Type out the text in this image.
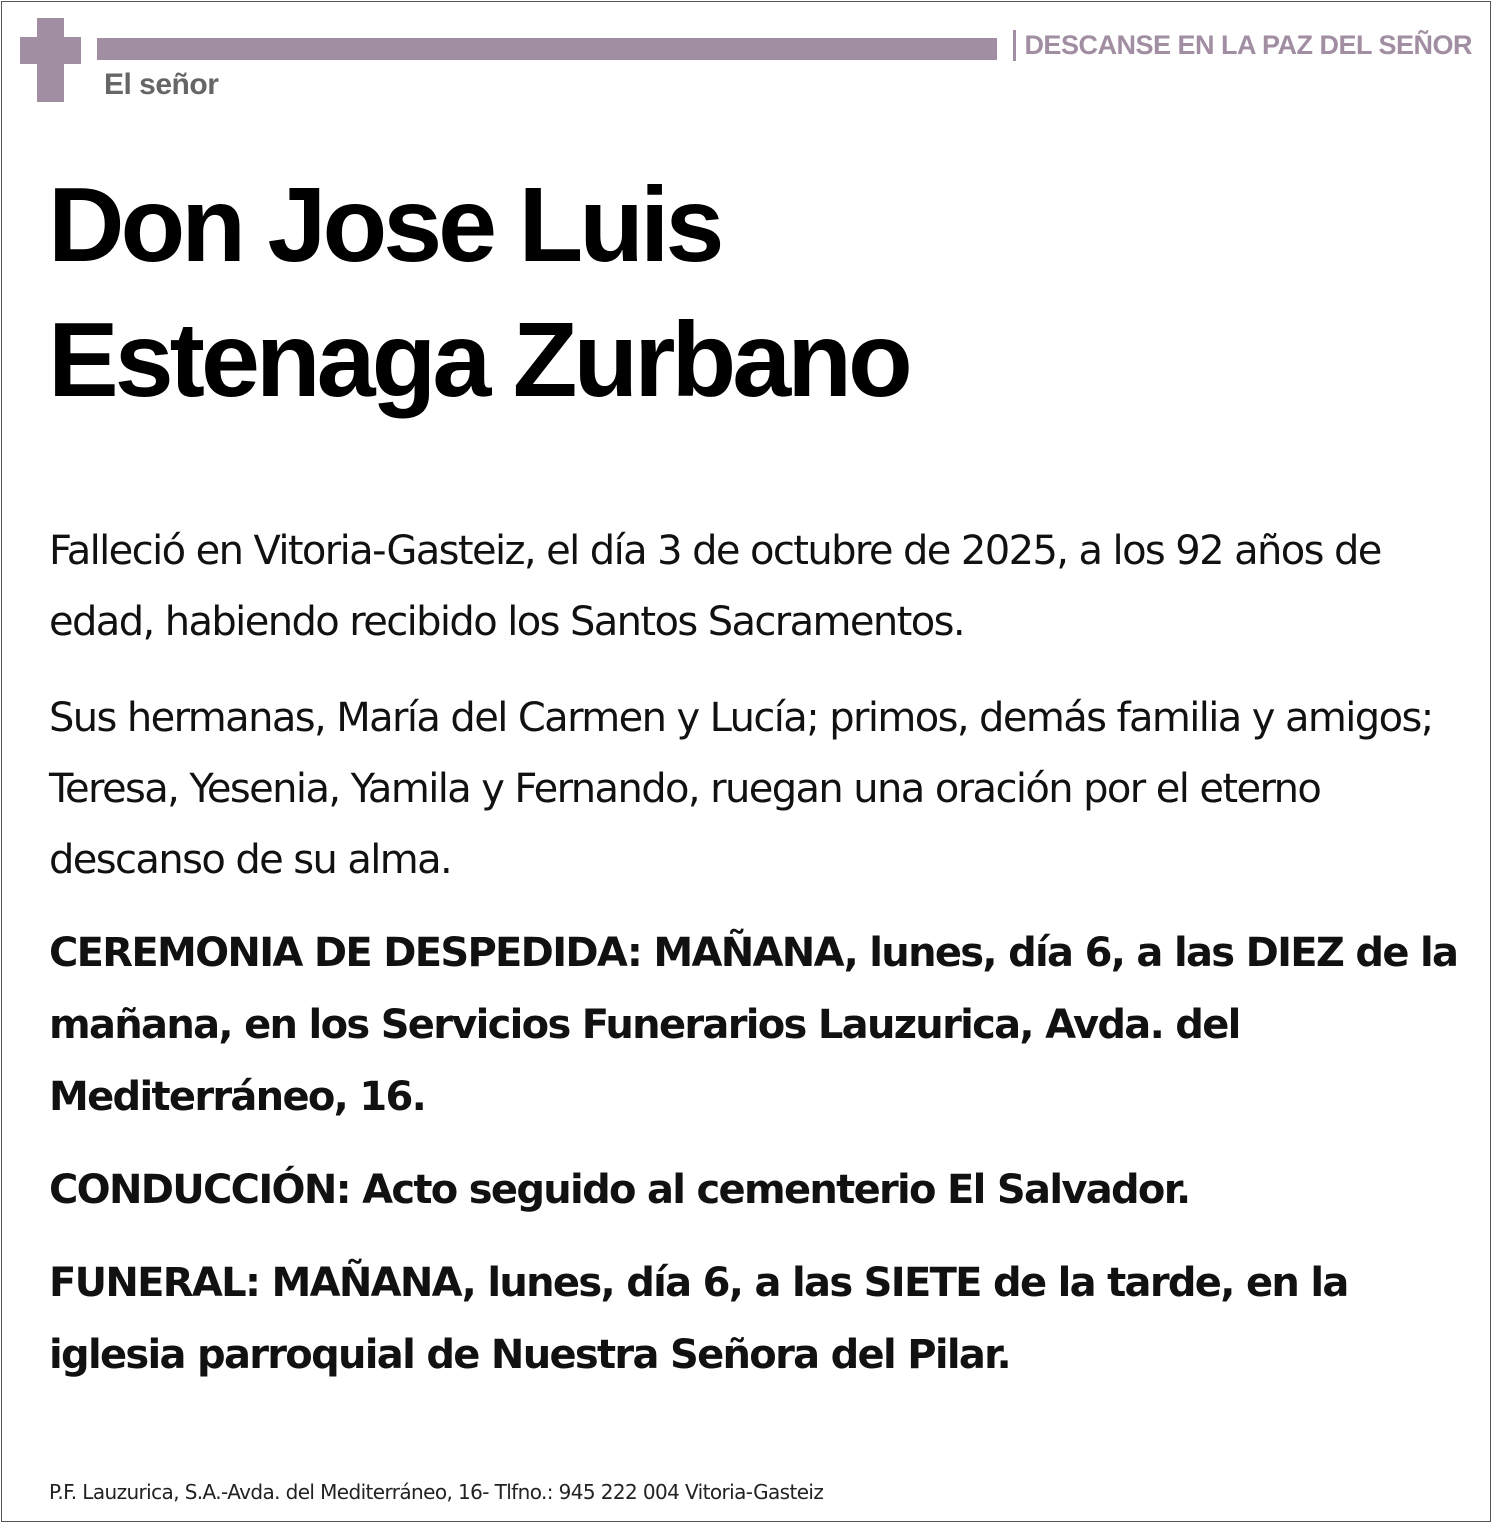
DESCANSE EN LA PAZ DEL SEÑOR
El señor
Don Jose Luis
Estenaga Zurbano
Falleció en Vitoria-Gasteiz, el día 3 de octubre de 2025, a los 92 años de edad, habiendo recibido los Santos Sacramentos.
Sus hermanas, María del Carmen y Lucía; primos, demás familia y amigos; Teresa, Yesenia, Yamila y Fernando, ruegan una oración por el eterno descanso de su alma.
CEREMONIA DE DESPEDIDA: MAÑANA, lunes, día 6, a las DIEZ de la mañana, en los Servicios Funerarios Lauzurica, Avda. del Mediterráneo, 16.
CONDUCCIÓN: Acto seguido al cementerio El Salvador.
FUNERAL: MAÑANA, lunes, día 6, a las SIETE de la tarde, en la iglesia parroquial de Nuestra Señora del Pilar.
P.F. Lauzurica, S.A.-Avda. del Mediterráneo, 16- Tlfno.: 945 222 004 Vitoria-Gasteiz
